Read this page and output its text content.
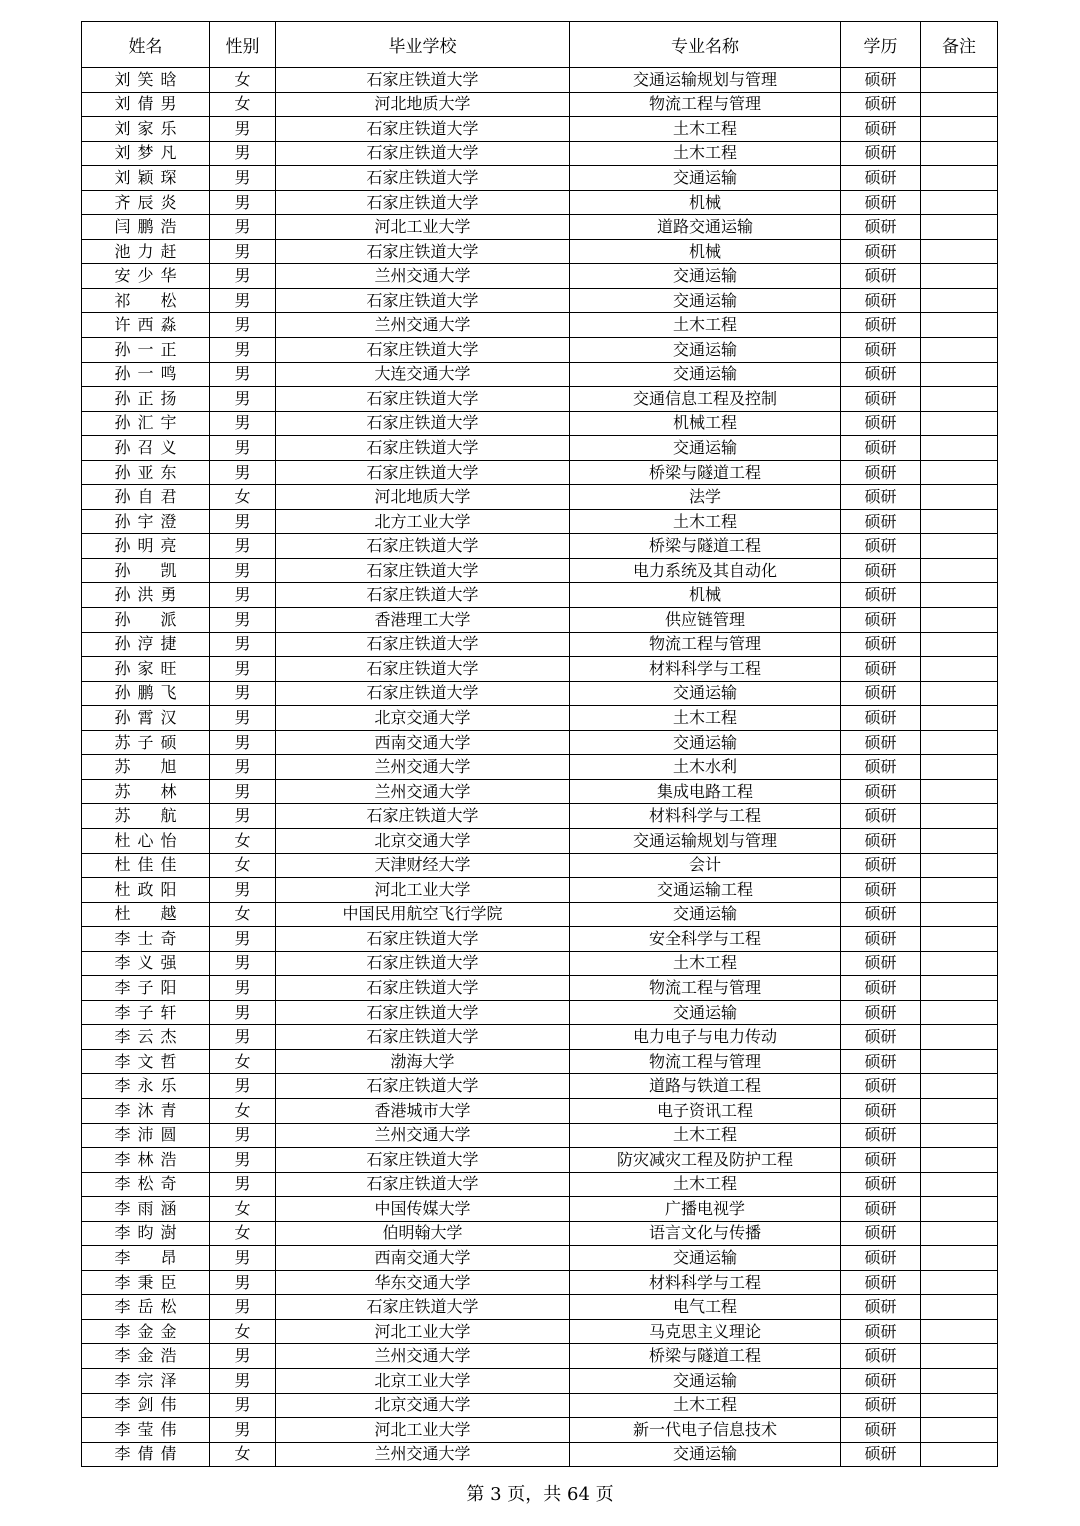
姓名	性别	毕业学校	专业名称	学历	备注
刘笑晗	女	石家庄铁道大学	交通运输规划与管理	硕研	
刘倩男	女	河北地质大学	物流工程与管理	硕研	
刘家乐	男	石家庄铁道大学	土木工程	硕研	
刘梦凡	男	石家庄铁道大学	土木工程	硕研	
刘颖琛	男	石家庄铁道大学	交通运输	硕研	
齐辰炎	男	石家庄铁道大学	机械	硕研	
闫鹏浩	男	河北工业大学	道路交通运输	硕研	
池力赶	男	石家庄铁道大学	机械	硕研	
安少华	男	兰州交通大学	交通运输	硕研	
祁　松	男	石家庄铁道大学	交通运输	硕研	
许西淼	男	兰州交通大学	土木工程	硕研	
孙一正	男	石家庄铁道大学	交通运输	硕研	
孙一鸣	男	大连交通大学	交通运输	硕研	
孙正扬	男	石家庄铁道大学	交通信息工程及控制	硕研	
孙汇宇	男	石家庄铁道大学	机械工程	硕研	
孙召义	男	石家庄铁道大学	交通运输	硕研	
孙亚东	男	石家庄铁道大学	桥梁与隧道工程	硕研	
孙自君	女	河北地质大学	法学	硕研	
孙宇澄	男	北方工业大学	土木工程	硕研	
孙明亮	男	石家庄铁道大学	桥梁与隧道工程	硕研	
孙　凯	男	石家庄铁道大学	电力系统及其自动化	硕研	
孙洪勇	男	石家庄铁道大学	机械	硕研	
孙　派	男	香港理工大学	供应链管理	硕研	
孙涥捷	男	石家庄铁道大学	物流工程与管理	硕研	
孙家旺	男	石家庄铁道大学	材料科学与工程	硕研	
孙鹏飞	男	石家庄铁道大学	交通运输	硕研	
孙霄汉	男	北京交通大学	土木工程	硕研	
苏子硕	男	西南交通大学	交通运输	硕研	
苏　旭	男	兰州交通大学	土木水利	硕研	
苏　林	男	兰州交通大学	集成电路工程	硕研	
苏　航	男	石家庄铁道大学	材料科学与工程	硕研	
杜心怡	女	北京交通大学	交通运输规划与管理	硕研	
杜佳佳	女	天津财经大学	会计	硕研	
杜政阳	男	河北工业大学	交通运输工程	硕研	
杜　越	女	中国民用航空飞行学院	交通运输	硕研	
李士奇	男	石家庄铁道大学	安全科学与工程	硕研	
李义强	男	石家庄铁道大学	土木工程	硕研	
李子阳	男	石家庄铁道大学	物流工程与管理	硕研	
李子轩	男	石家庄铁道大学	交通运输	硕研	
李云杰	男	石家庄铁道大学	电力电子与电力传动	硕研	
李文哲	女	渤海大学	物流工程与管理	硕研	
李永乐	男	石家庄铁道大学	道路与铁道工程	硕研	
李沐青	女	香港城市大学	电子资讯工程	硕研	
李沛圆	男	兰州交通大学	土木工程	硕研	
李林浩	男	石家庄铁道大学	防灾减灾工程及防护工程	硕研	
李松奇	男	石家庄铁道大学	土木工程	硕研	
李雨涵	女	中国传媒大学	广播电视学	硕研	
李昀澍	女	伯明翰大学	语言文化与传播	硕研	
李　昂	男	西南交通大学	交通运输	硕研	
李秉臣	男	华东交通大学	材料科学与工程	硕研	
李岳松	男	石家庄铁道大学	电气工程	硕研	
李金金	女	河北工业大学	马克思主义理论	硕研	
李金浩	男	兰州交通大学	桥梁与隧道工程	硕研	
李宗泽	男	北京工业大学	交通运输	硕研	
李剑伟	男	北京交通大学	土木工程	硕研	
李莹伟	男	河北工业大学	新一代电子信息技术	硕研	
李倩倩	女	兰州交通大学	交通运输	硕研	
第 3 页，共 64 页
